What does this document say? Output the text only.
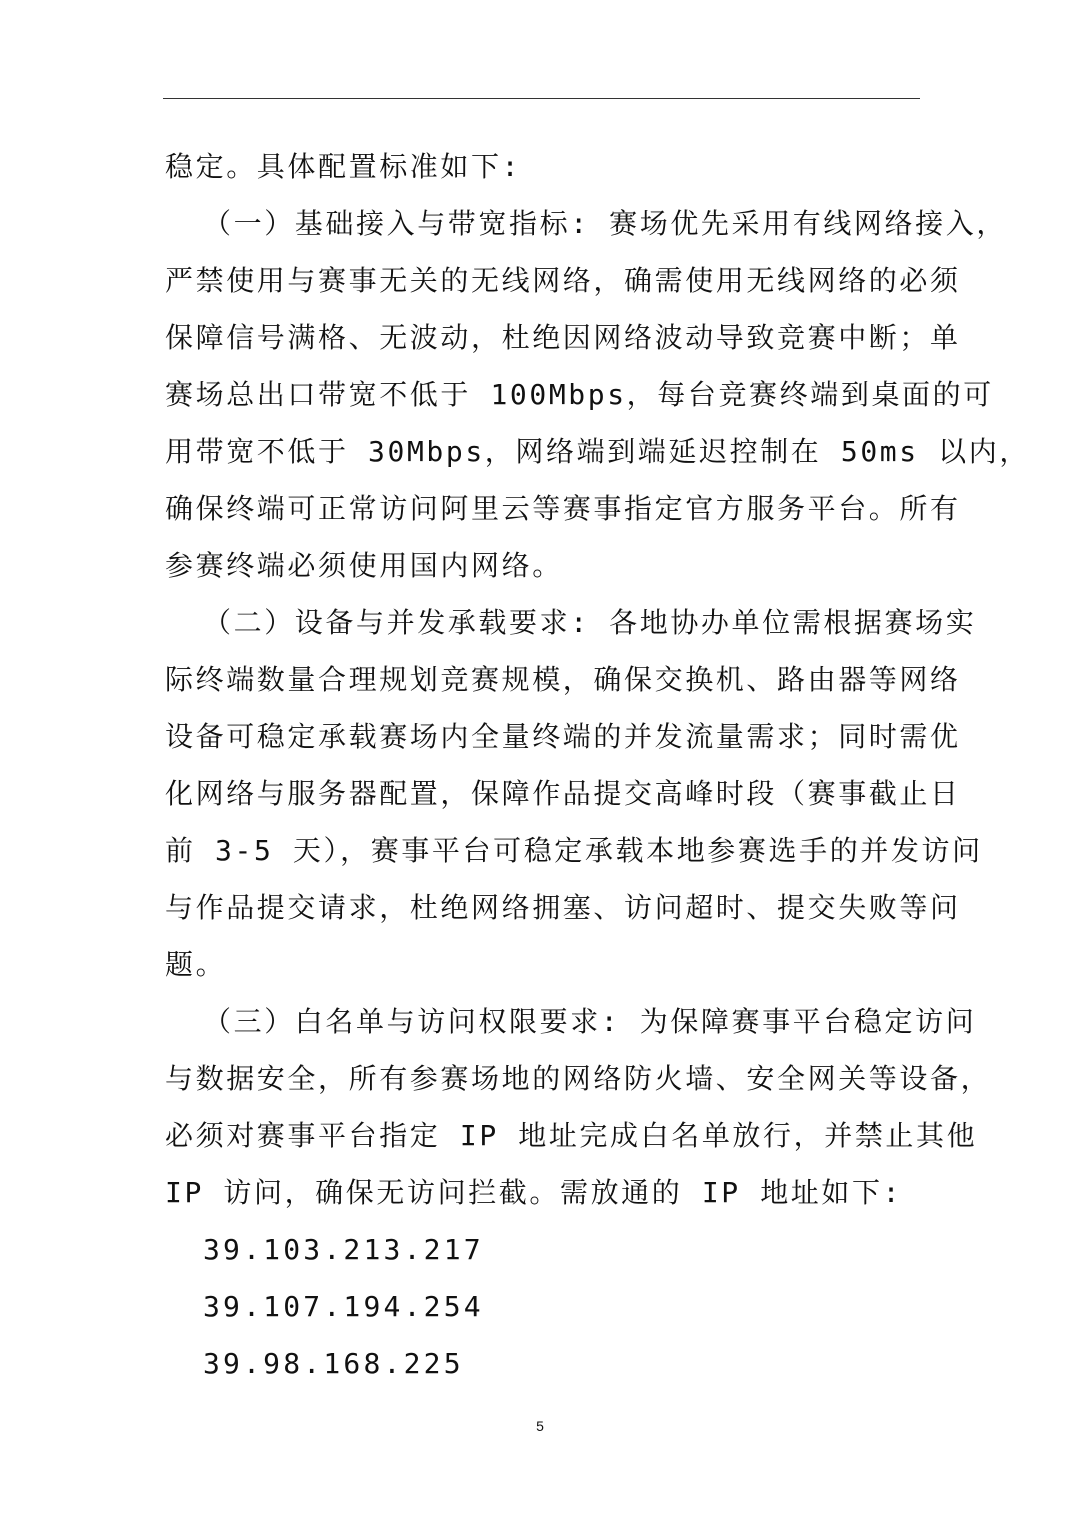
稳定。具体配置标准如下:
（一）基础接入与带宽指标: 赛场优先采用有线网络接入，
严禁使用与赛事无关的无线网络，确需使用无线网络的必须
保障信号满格、无波动，杜绝因网络波动导致竞赛中断；单
赛场总出口带宽不低于 100Mbps，每台竞赛终端到桌面的可
用带宽不低于 30Mbps，网络端到端延迟控制在 50ms 以内，
确保终端可正常访问阿里云等赛事指定官方服务平台。所有
参赛终端必须使用国内网络。
（二）设备与并发承载要求: 各地协办单位需根据赛场实
际终端数量合理规划竞赛规模，确保交换机、路由器等网络
设备可稳定承载赛场内全量终端的并发流量需求；同时需优
化网络与服务器配置，保障作品提交高峰时段（赛事截止日
前 3-5 天），赛事平台可稳定承载本地参赛选手的并发访问
与作品提交请求，杜绝网络拥塞、访问超时、提交失败等问
题。
（三）白名单与访问权限要求: 为保障赛事平台稳定访问
与数据安全，所有参赛场地的网络防火墙、安全网关等设备，
必须对赛事平台指定 IP 地址完成白名单放行，并禁止其他
IP 访问，确保无访问拦截。需放通的 IP 地址如下:
39.103.213.217
39.107.194.254
39.98.168.225
5
